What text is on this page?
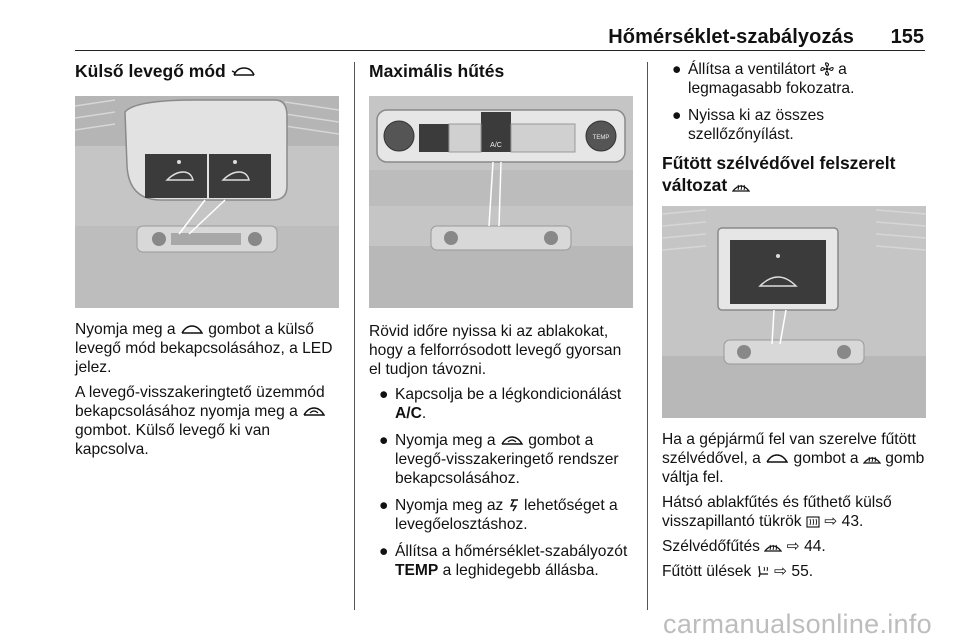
Hőmérséklet-szabályozás 155
Külső levegő mód

Nyomja meg a gombot a külső levegő mód bekapcsolásához, a LED jelez.

A levegő-visszakeringtető üzemmód bekapcsolásához nyomja meg a  gombot. Külső levegő ki van kapcsolva.

Maximális hűtés
A/C
TEMP

Rövid időre nyissa ki az ablakokat, hogy a felforrósodott levegő gyorsan el tudjon távozni.

● Kapcsolja be a légkondicionálást A/C.
● Nyomja meg a gombot a levegő-visszakeringető rendszer bekapcsolásához.
● Nyomja meg az lehetőséget a levegőelosztáshoz.
● Állítsa a hőmérséklet-szabályozót TEMP a leghidegebb állásba.
● Állítsa a ventilátort a legmagasabb fokozatra.
● Nyissa ki az összes szellőzőnyílást.
Fűtött szélvédővel felszerelt változat

Ha a gépjármű fel van szerelve fűtött szélvédővel, a gombot a gomb váltja fel.

Hátsó ablakfűtés és fűthető külső visszapillantó tükrök ⇨ 43.

Szélvédőfűtés ⇨ 44.

Fűtött ülések ⇨ 55.

carmanualsonline.info
